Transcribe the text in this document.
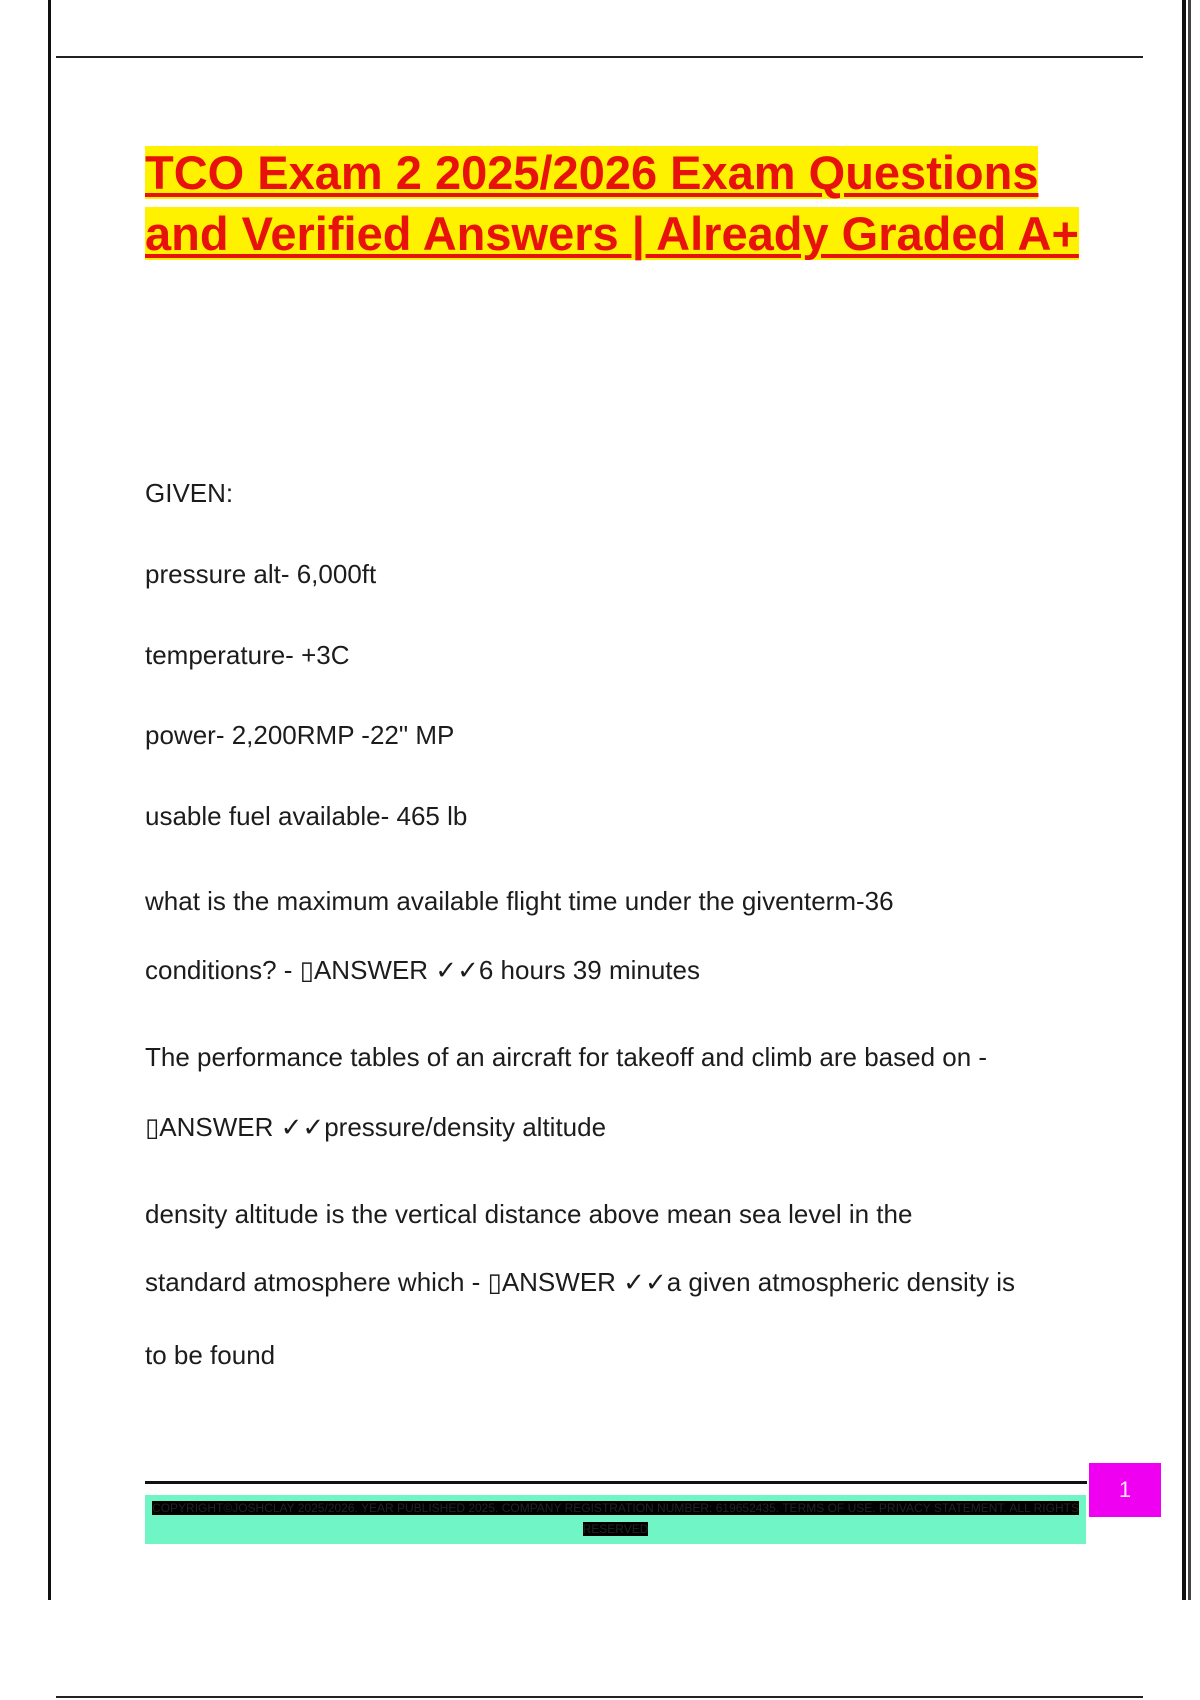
TCO Exam 2 2025/2026 Exam Questions and Verified Answers | Already Graded A+
GIVEN:
pressure alt- 6,000ft
temperature- +3C
power- 2,200RMP -22" MP
usable fuel available- 465 lb
what is the maximum available flight time under the giventerm-36
conditions? - ▯ANSWER ✓✓6 hours 39 minutes
The performance tables of an aircraft for takeoff and climb are based on -
▯ANSWER ✓✓pressure/density altitude
density altitude is the vertical distance above mean sea level in the
standard atmosphere which - ▯ANSWER ✓✓a given atmospheric density is
to be found
COPYRIGHT©JOSHCLAY 2025/2026. YEAR PUBLISHED 2025. COMPANY REGISTRATION NUMBER: 619652435. TERMS OF USE. PRIVACY STATEMENT. ALL RIGHTS RESERVED
1
